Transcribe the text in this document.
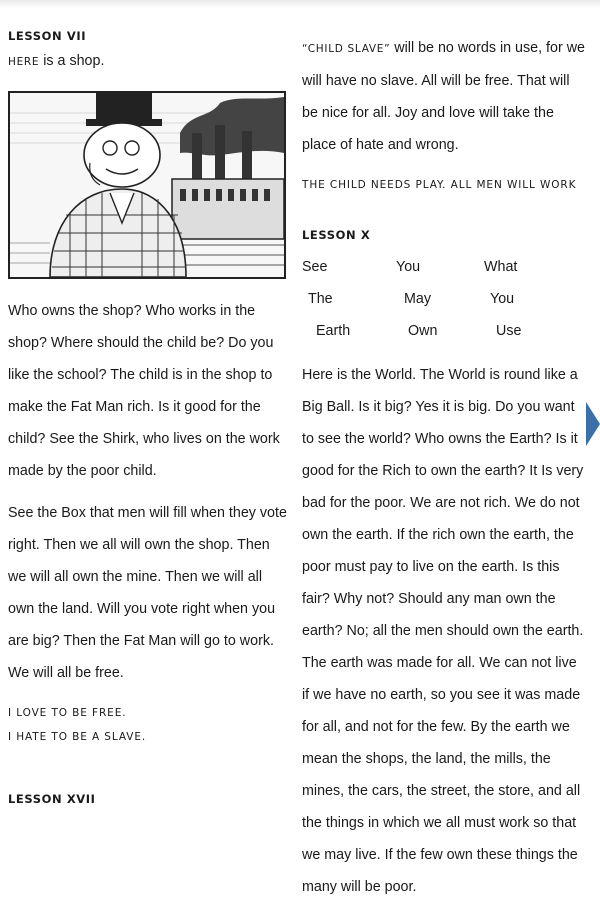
LESSON VII

HERE is a shop.

Who owns the shop? Who works in the shop? Where should the child be? Do you like the school? The child is in the shop to make the Fat Man rich. Is it good for the child? See the Shirk, who lives on the work made by the poor child.

See the Box that men will fill when they vote right. Then we all will own the shop. Then we will all own the mine. Then we will all own the land. Will you vote right when you are big? Then the Fat Man will go to work. We will all be free.

I LOVE TO BE FREE.

I HATE TO BE A SLAVE.

LESSON XVII

“CHILD SLAVE” will be no words in use, for we will have no slave. All will be free. That will be nice for all. Joy and love will take the place of hate and wrong.

THE CHILD NEEDS PLAY. ALL MEN WILL WORK

LESSON X
See	You	What
The	May	You
Earth	Own	Use

Here is the World. The World is round like a Big Ball. Is it big? Yes it is big. Do you want to see the world? Who owns the Earth? Is it good for the Rich to own the earth? It Is very bad for the poor. We are not rich. We do not own the earth. If the rich own the earth, the poor must pay to live on the earth. Is this fair? Why not? Should any man own the earth? No; all the men should own the earth. The earth was made for all. We can not live if we have no earth, so you see it was made for all, and not for the few. By the earth we mean the shops, the land, the mills, the mines, the cars, the street, the store, and all the things in which we all must work so that we may live. If the few own these things the many will be poor.
